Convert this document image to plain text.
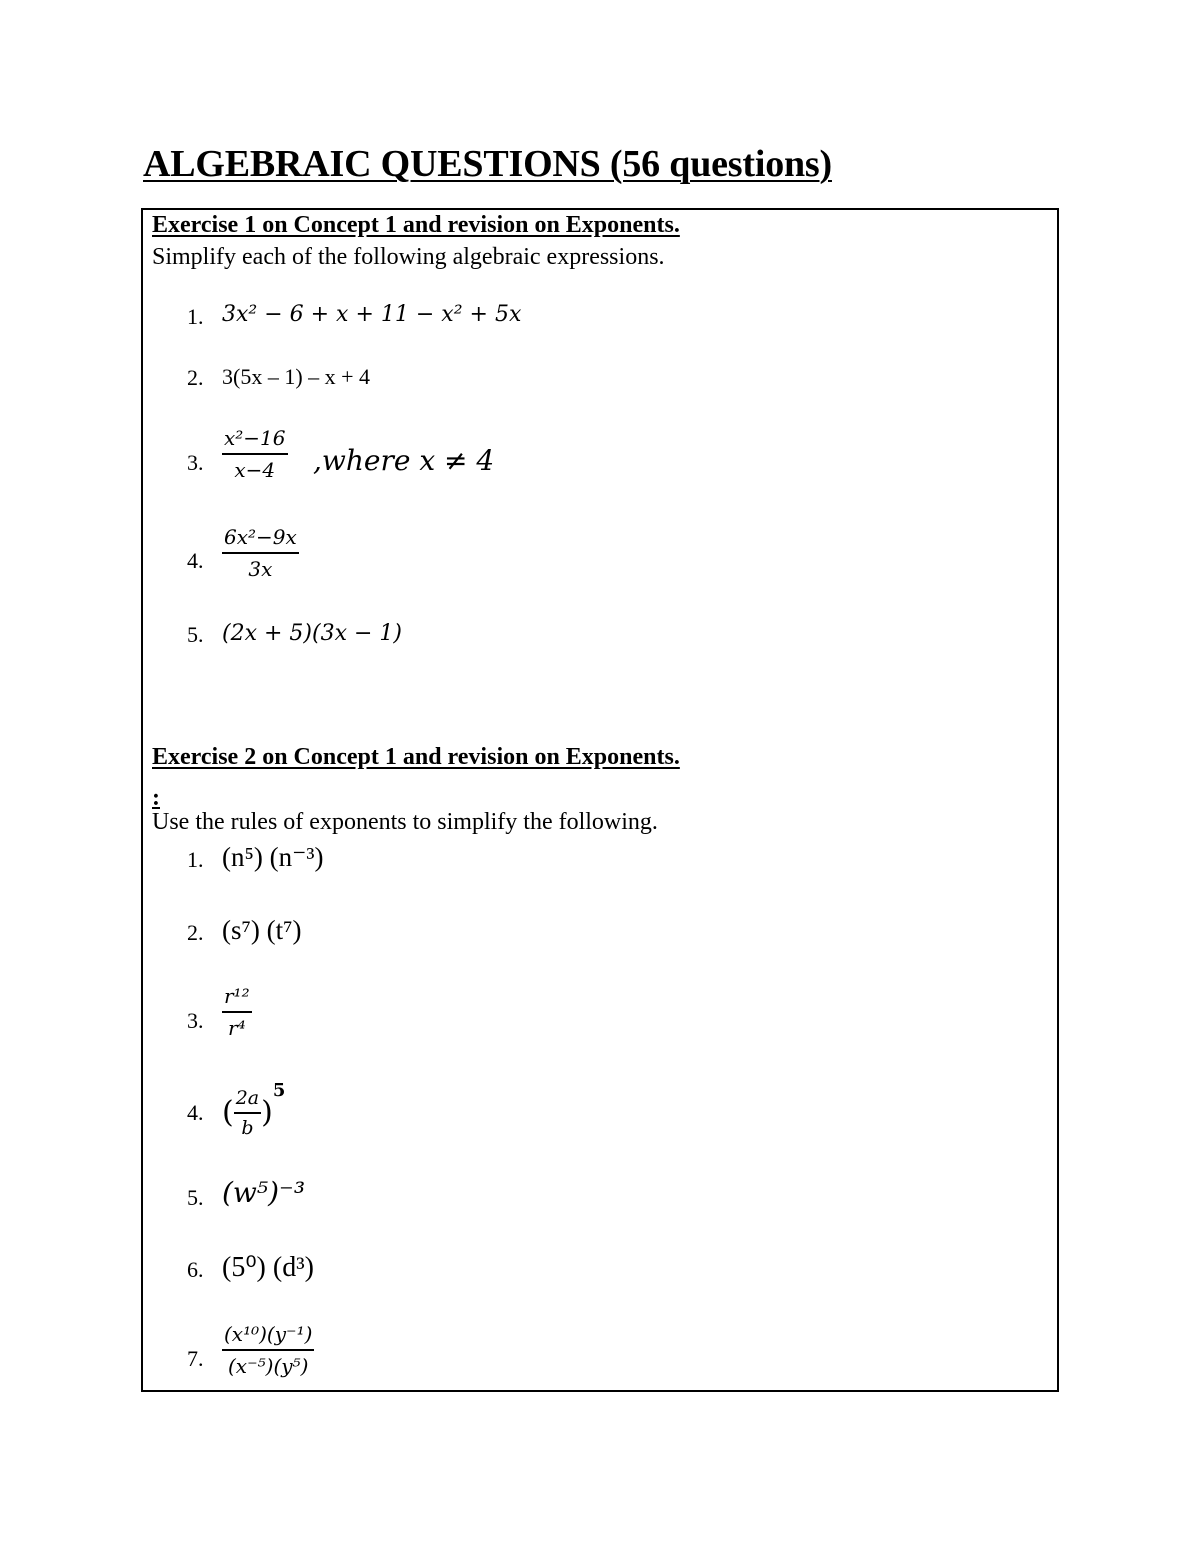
ALGEBRAIC QUESTIONS (56 questions)
Exercise 1 on Concept 1 and revision on Exponents.
Simplify each of the following algebraic expressions.
1. 3x² − 6 + x + 11 − x² + 5x
2. 3(5x – 1) – x + 4
3. $\frac{\text{x²−16}}{x-4}$ ,where x ≠ 4
4. $\frac{\text{6x²−9x}}{3x}$
5. (2x + 5)(3x − 1)
Exercise 2 on Concept 1 and revision on Exponents.
:
Use the rules of exponents to simplify the following.
1. (n⁵) (n⁻³)
2. (s⁷) (t⁷)
3. $\frac{\text{r¹²}}{\text{r⁴}}$
4. ( $\frac{2a}{b} )5$
5. (w⁵)⁻³
6. (5⁰) (d³)
7. $\frac{\text{(x¹⁰)(y⁻¹)}}{\text{(x⁻⁵)(y⁵)}}$
